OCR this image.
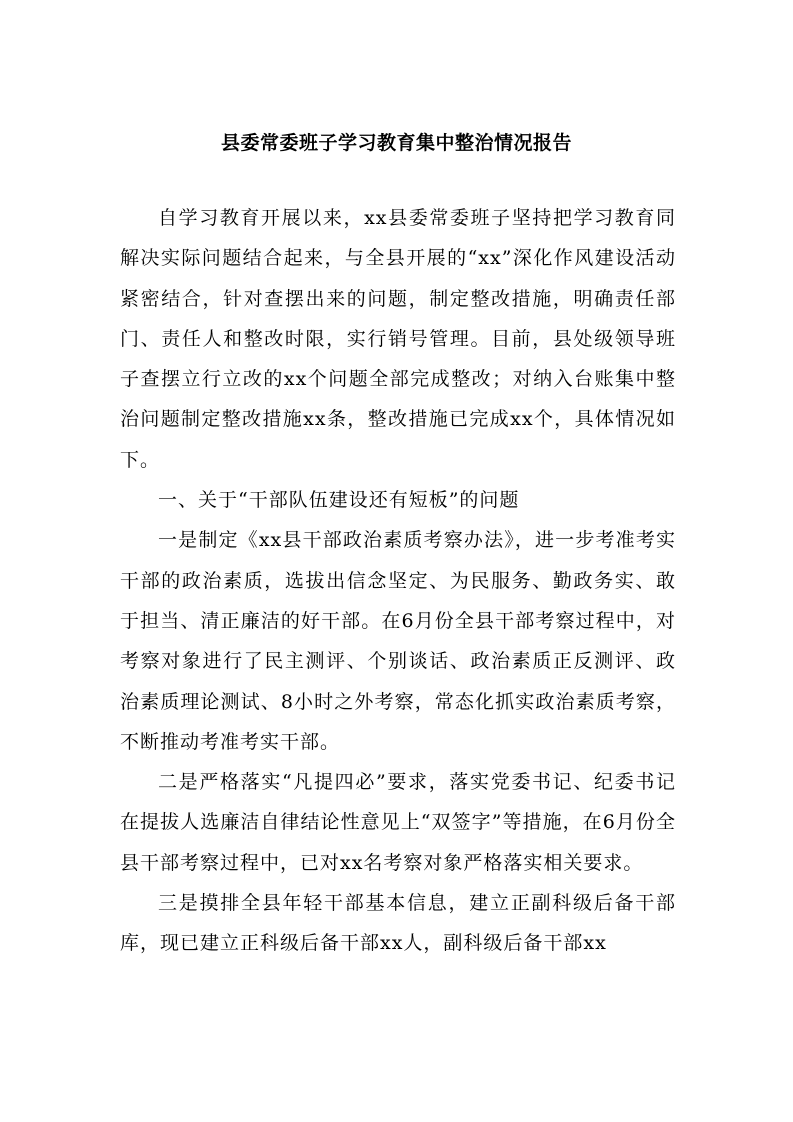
县委常委班子学习教育集中整治情况报告

自学习教育开展以来，xx县委常委班子坚持把学习教育同解决实际问题结合起来，与全县开展的“xx”深化作风建设活动紧密结合，针对查摆出来的问题，制定整改措施，明确责任部门、责任人和整改时限，实行销号管理。目前，县处级领导班子查摆立行立改的xx个问题全部完成整改；对纳入台账集中整治问题制定整改措施xx条，整改措施已完成xx个，具体情况如下。

一、关于“干部队伍建设还有短板”的问题

一是制定《xx县干部政治素质考察办法》，进一步考准考实干部的政治素质，选拔出信念坚定、为民服务、勤政务实、敢于担当、清正廉洁的好干部。在6月份全县干部考察过程中，对考察对象进行了民主测评、个别谈话、政治素质正反测评、政治素质理论测试、8小时之外考察，常态化抓实政治素质考察，不断推动考准考实干部。

二是严格落实“凡提四必”要求，落实党委书记、纪委书记在提拔人选廉洁自律结论性意见上“双签字”等措施，在6月份全县干部考察过程中，已对xx名考察对象严格落实相关要求。

三是摸排全县年轻干部基本信息，建立正副科级后备干部库，现已建立正科级后备干部xx人，副科级后备干部xx
